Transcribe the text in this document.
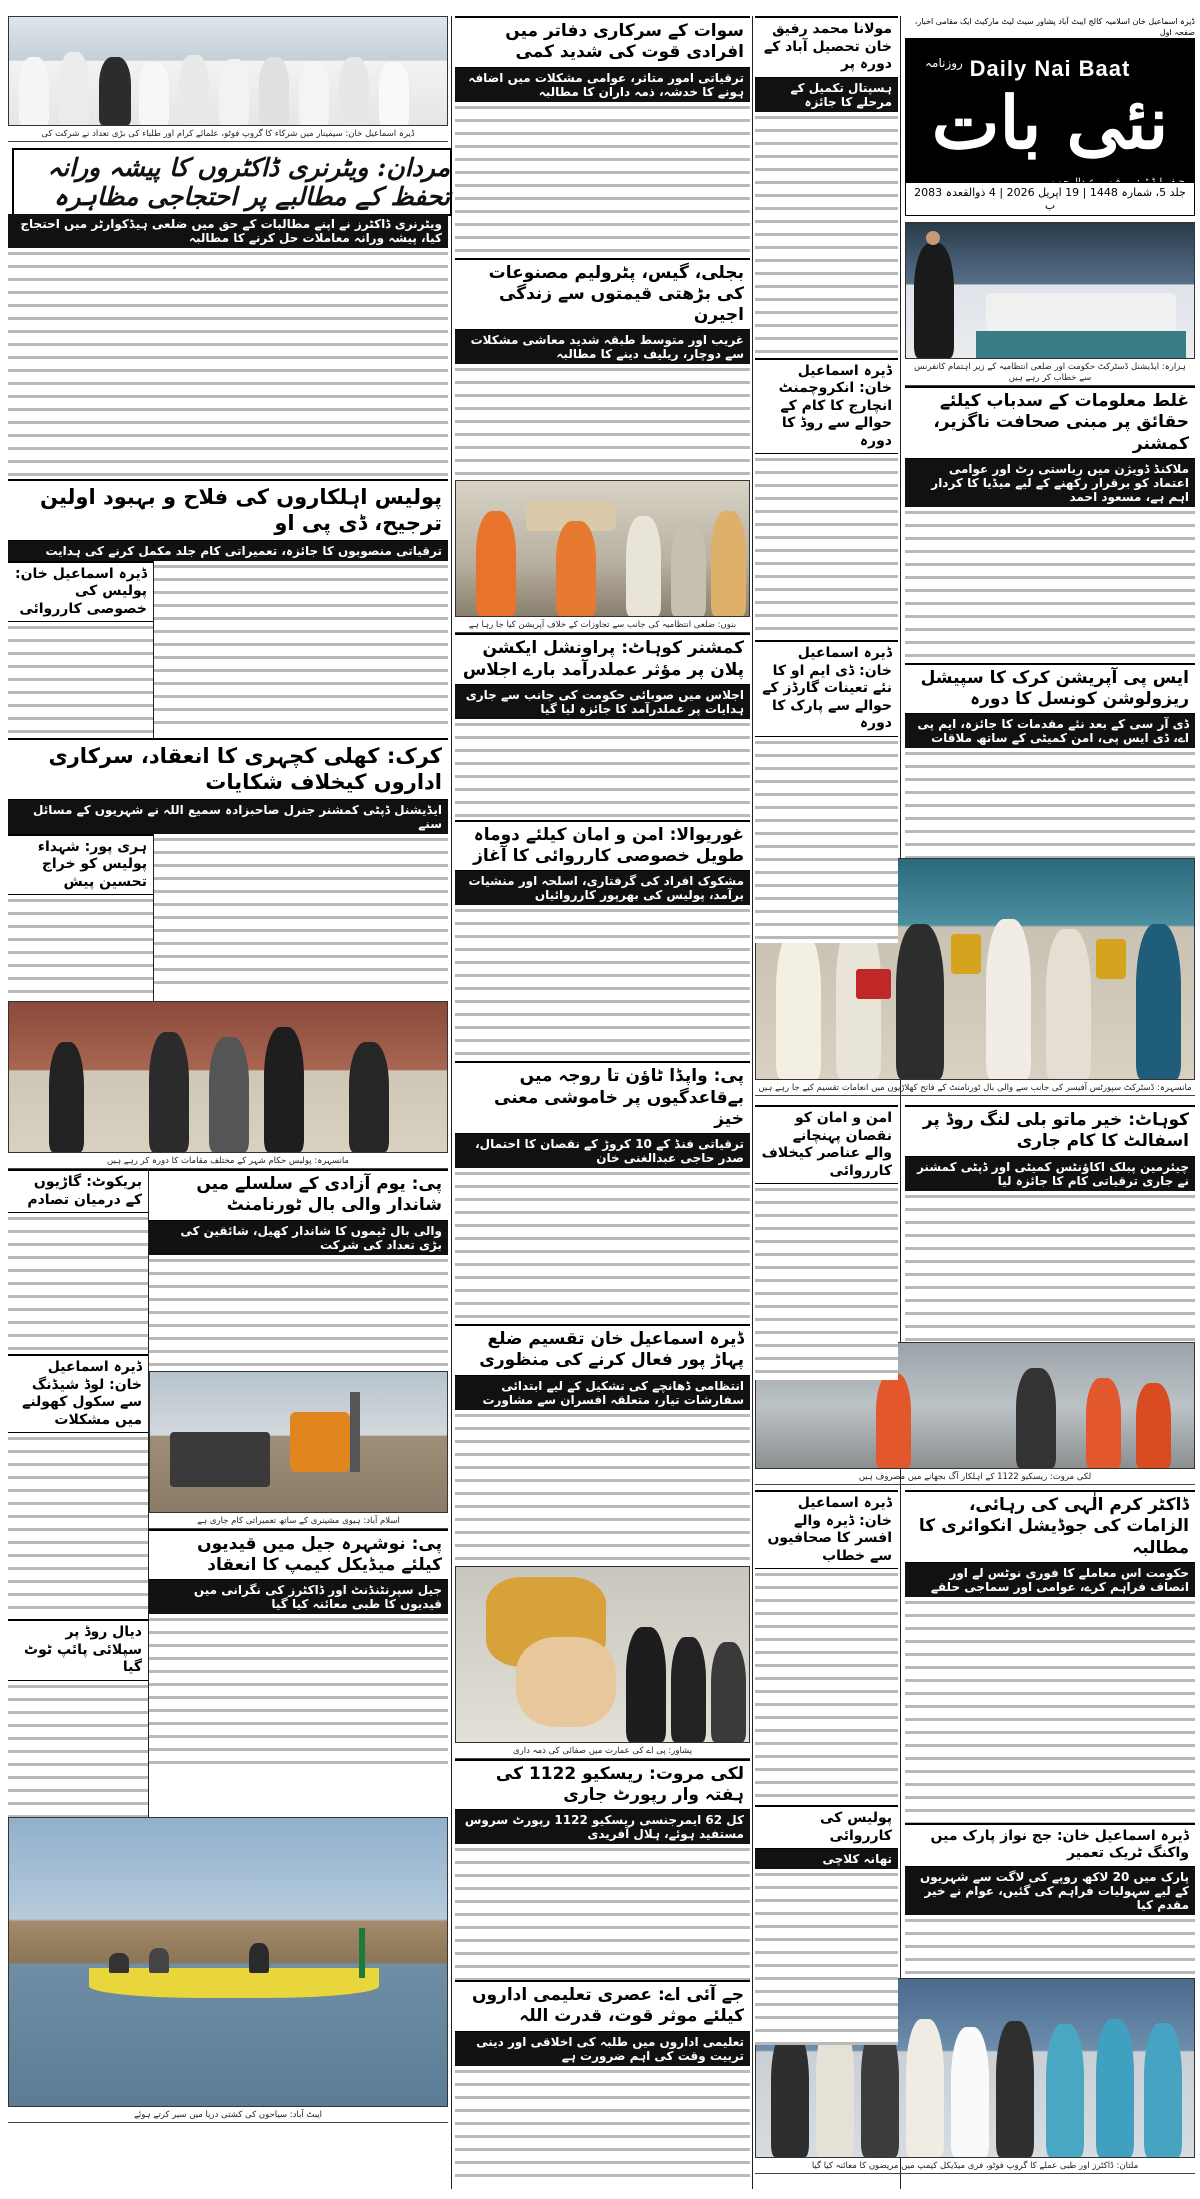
ڈیرہ اسماعیل خان اسلامیہ کالج ایبٹ آباد پشاور سیٹ لیٹ مارکیٹ ایک مقامی اخبار، صفحہ اول
روزنامہ Daily Nai Baat
نئی بات
جلد 5، شمارہ 1448 | 19 اپریل 2026 | 4 ذوالقعدہ 2083 ب
ہزارہ: ایڈیشنل ڈسٹرکٹ حکومت اور ضلعی انتظامیہ کے زیر اہتمام کانفرنس سے خطاب کر رہے ہیں
غلط معلومات کے سدباب کیلئے حقائق پر مبنی صحافت ناگزیر، کمشنر
ملاکنڈ ڈویژن میں ریاستی رٹ اور عوامی اعتماد کو برقرار رکھنے کے لیے میڈیا کا کردار اہم ہے، مسعود احمد
ایس پی آپریشن کرک کا سپیشل ریزولوشن کونسل کا دورہ
ڈی آر سی کے بعد نئے مقدمات کا جائزہ، ایم پی اے، ڈی ایس پی، امن کمیٹی کے ساتھ ملاقات
مانسہرہ: ڈسٹرکٹ سپورٹس آفیسر کی جانب سے والی بال ٹورنامنٹ کے فاتح کھلاڑیوں میں انعامات تقسیم کیے جا رہے ہیں
کوہاٹ: خیر ماتو بلی لنگ روڈ پر اسفالٹ کا کام جاری
چیئرمین پبلک اکاؤنٹس کمیٹی اور ڈپٹی کمشنر نے جاری ترقیاتی کام کا جائزہ لیا
لکی مروت: ریسکیو 1122 کے اہلکار آگ بجھانے میں مصروف ہیں
ڈاکٹر کرم الٰہی کی رہائی، الزامات کی جوڈیشل انکوائری کا مطالبہ
حکومت اس معاملے کا فوری نوٹس لے اور انصاف فراہم کرے، عوامی اور سماجی حلقے
ڈیرہ اسماعیل خان: جج نواز پارک میں واکنگ ٹریک تعمیر
پارک میں 20 لاکھ روپے کی لاگت سے شہریوں کے لیے سہولیات فراہم کی گئیں، عوام نے خیر مقدم کیا
ملتان: ڈاکٹرز اور طبی عملے کا گروپ فوٹو، فری میڈیکل کیمپ میں مریضوں کا معائنہ کیا گیا
مولانا محمد رفیق خان تحصیل آباد کے دورہ پر
ہسپتال تکمیل کے مرحلے کا جائزہ
ڈیرہ اسماعیل خان: انکروچمنٹ انچارج کا کام کے حوالے سے روڈ کا دورہ
ڈیرہ اسماعیل خان: ڈی ایم او کا نئے تعینات گارڈز کے حوالے سے پارک کا دورہ
امن و امان کو نقصان پہنچانے والے عناصر کیخلاف کارروائی
ڈیرہ اسماعیل خان: ڈیرہ والے افسر کا صحافیوں سے خطاب
پولیس کی کارروائی
تھانہ کلاچی
سوات کے سرکاری دفاتر میں افرادی قوت کی شدید کمی
ترقیاتی امور متاثر، عوامی مشکلات میں اضافہ ہونے کا خدشہ، ذمہ داران کا مطالبہ
بجلی، گیس، پٹرولیم مصنوعات کی بڑھتی قیمتوں سے زندگی اجیرن
غریب اور متوسط طبقہ شدید معاشی مشکلات سے دوچار، ریلیف دینے کا مطالبہ
بنوں: ضلعی انتظامیہ کی جانب سے تجاوزات کے خلاف آپریشن کیا جا رہا ہے
کمشنر کوہاٹ: پراونشل ایکشن پلان پر مؤثر عملدرآمد بارے اجلاس
اجلاس میں صوبائی حکومت کی جانب سے جاری ہدایات پر عملدرآمد کا جائزہ لیا گیا
غوریوالا: امن و امان کیلئے دوماہ طویل خصوصی کارروائی کا آغاز
مشکوک افراد کی گرفتاری، اسلحہ اور منشیات برآمد، پولیس کی بھرپور کارروائیاں
پی: واپڈا ٹاؤن تا روجہ میں بےقاعدگیوں پر خاموشی معنی خیز
ترقیاتی فنڈ کے 10 کروڑ کے نقصان کا احتمال، صدر حاجی عبدالغنی خان
ڈیرہ اسماعیل خان تقسیم ضلع پہاڑ پور فعال کرنے کی منظوری
انتظامی ڈھانچے کی تشکیل کے لیے ابتدائی سفارشات تیار، متعلقہ افسران سے مشاورت
پشاور: پی اے کی عمارت میں صفائی کی ذمہ داری
لکی مروت: ریسکیو 1122 کی ہفتہ وار رپورٹ جاری
کل 62 ایمرجنسی ریسکیو 1122 رپورٹ سروس مستفید ہوئے، ہلال آفریدی
جے آئی اے: عصری تعلیمی اداروں کیلئے موثر قوت، قدرت اللہ
تعلیمی اداروں میں طلبہ کی اخلاقی اور دینی تربیت وقت کی اہم ضرورت ہے
ڈیرہ اسماعیل خان: سیمینار میں شرکاء کا گروپ فوٹو، علمائے کرام اور طلباء کی بڑی تعداد نے شرکت کی
مردان: ویٹرنری ڈاکٹروں کا پیشہ ورانہ تحفظ کے مطالبے پر احتجاجی مظاہرہ
ویٹرنری ڈاکٹرز نے اپنے مطالبات کے حق میں ضلعی ہیڈکوارٹر میں احتجاج کیا، پیشہ ورانہ معاملات حل کرنے کا مطالبہ
پولیس اہلکاروں کی فلاح و بہبود اولین ترجیح، ڈی پی او
ترقیاتی منصوبوں کا جائزہ، تعمیراتی کام جلد مکمل کرنے کی ہدایت
ڈیرہ اسماعیل خان: پولیس کی خصوصی کارروائی
کرک: کھلی کچہری کا انعقاد، سرکاری اداروں کیخلاف شکایات
ایڈیشنل ڈپٹی کمشنر جنرل صاحبزادہ سمیع اللہ نے شہریوں کے مسائل سنے
ہری پور: شہداء پولیس کو خراج تحسین پیش
مانسہرہ: پولیس حکام شہر کے مختلف مقامات کا دورہ کر رہے ہیں
پی: یوم آزادی کے سلسلے میں شاندار والی بال ٹورنامنٹ
والی بال ٹیموں کا شاندار کھیل، شائقین کی بڑی تعداد کی شرکت
اسلام آباد: ہیوی مشینری کے ساتھ تعمیراتی کام جاری ہے
پی: نوشہرہ جیل میں قیدیوں کیلئے میڈیکل کیمپ کا انعقاد
جیل سپرنٹنڈنٹ اور ڈاکٹرز کی نگرانی میں قیدیوں کا طبی معائنہ کیا گیا
بریکوٹ: گاڑیوں کے درمیان تصادم
ڈیرہ اسماعیل خان: لوڈ شیڈنگ سے سکول کھولنے میں مشکلات
دیال روڈ پر سپلائی پائپ ٹوٹ گیا
ایبٹ آباد: سیاحوں کی کشتی دریا میں سیر کرتے ہوئے
